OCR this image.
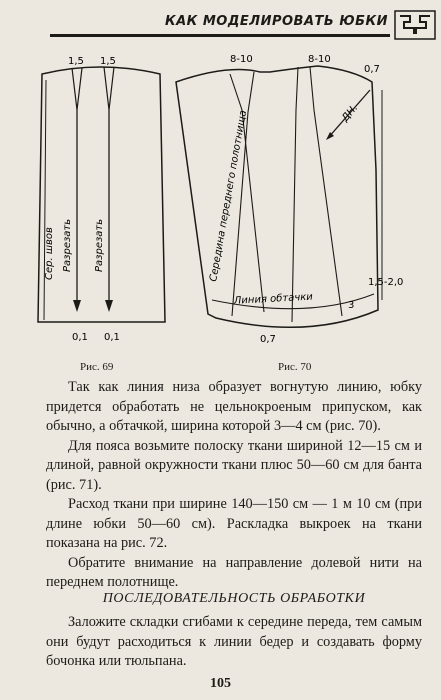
КАК МОДЕЛИРОВАТЬ ЮБКИ
1,5 1,5
0,1 0,1
Сер. швов Разрезать Разрезать
Рис. 69
8-10	8-10
0,7
ДН.
1,5-2,0
3
0,7
Середина переднего полотнища
Линия обтачки
Рис. 70

Так как линия низа образует вогнутую линию, юбку придется обработать не цельнокроеным припуском, как обычно, а обтачкой, ширина которой 3—4 см (рис. 70).

Для пояса возьмите полоску ткани шириной 12—15 см и длиной, равной окружности ткани плюс 50—60 см для банта (рис. 71).

Расход ткани при ширине 140—150 см — 1 м 10 см (при длине юбки 50—60 см). Раскладка выкроек на ткани показана на рис. 72.

Обратите внимание на направление долевой нити на переднем полотнище.

ПОСЛЕДОВАТЕЛЬНОСТЬ ОБРАБОТКИ

Заложите складки сгибами к середине переда, тем самым они будут расходиться к линии бедер и создавать форму бочонка или тюльпана.

105
